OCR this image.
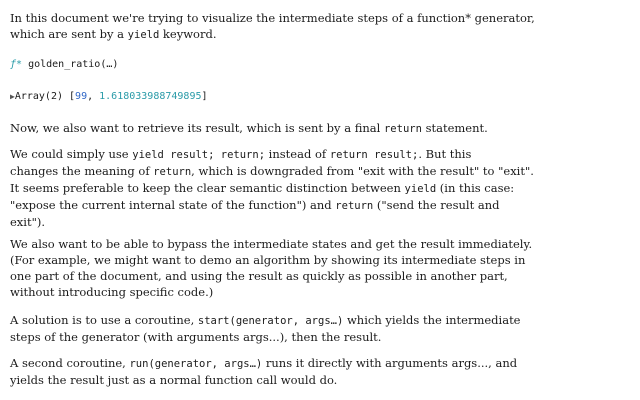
In this document we're trying to visualize the intermediate steps of a function* generator,
which are sent by a yield keyword.

ƒ* golden_ratio(…)
▶Array(2) [99, 1.618033988749895]

Now, we also want to retrieve its result, which is sent by a final return statement.

We could simply use yield result; return; instead of return result;. But this
changes the meaning of return, which is downgraded from "exit with the result" to "exit".
It seems preferable to keep the clear semantic distinction between yield (in this case:
"expose the current internal state of the function") and return ("send the result and
exit").

We also want to be able to bypass the intermediate states and get the result immediately.
(For example, we might want to demo an algorithm by showing its intermediate steps in
one part of the document, and using the result as quickly as possible in another part,
without introducing specific code.)

A solution is to use a coroutine, start(generator, args…) which yields the intermediate
steps of the generator (with arguments args...), then the result.

A second coroutine, run(generator, args…) runs it directly with arguments args..., and
yields the result just as a normal function call would do.
